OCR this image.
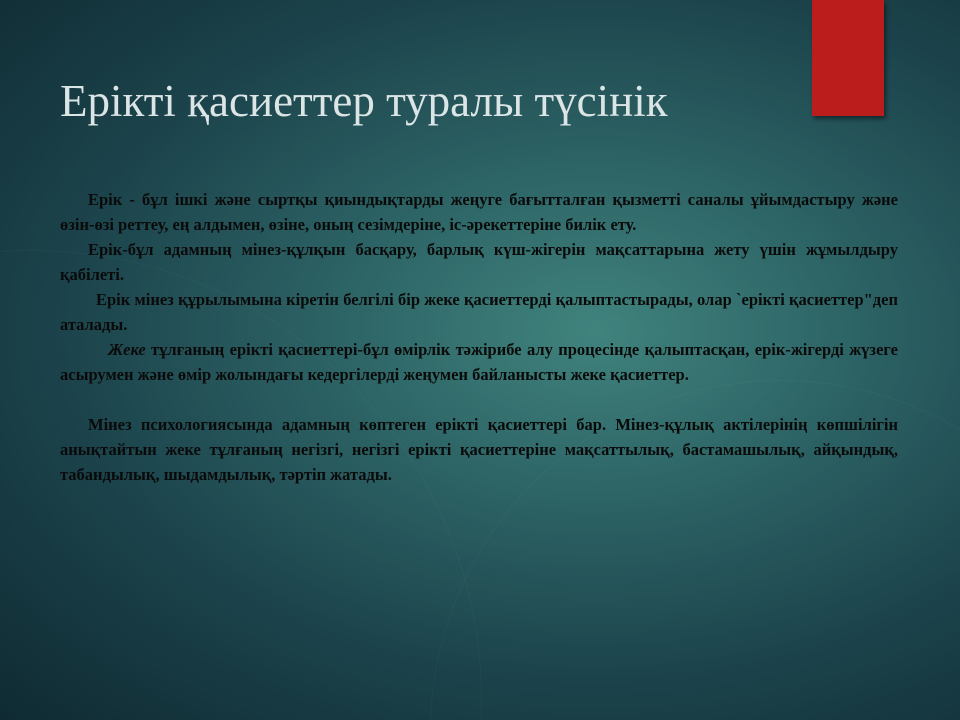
Ерікті қасиеттер туралы түсінік

Ерік - бұл ішкі және сыртқы қиындықтарды жеңуге бағытталған қызметті саналы ұйымдастыру және өзін-өзі реттеу, ең алдымен, өзіне, оның сезімдеріне, іс-әрекеттеріне билік ету.

Ерік-бұл адамның мінез-құлқын басқару, барлық күш-жігерін мақсаттарына жету үшін жұмылдыру қабілеті.

Ерік мінез құрылымына кіретін белгілі бір жеке қасиеттерді қалыптастырады, олар `ерікті қасиеттер"деп аталады.

Жеке тұлғаның ерікті қасиеттері-бұл өмірлік тәжірибе алу процесінде қалыптасқан, ерік-жігерді жүзеге асырумен және өмір жолындағы кедергілерді жеңумен байланысты жеке қасиеттер.

Мінез психологиясында адамның көптеген ерікті қасиеттері бар. Мінез-құлық актілерінің көпшілігін анықтайтын жеке тұлғаның негізгі, негізгі ерікті қасиеттеріне мақсаттылық, бастамашылық, айқындық, табандылық, шыдамдылық, тәртіп жатады.
